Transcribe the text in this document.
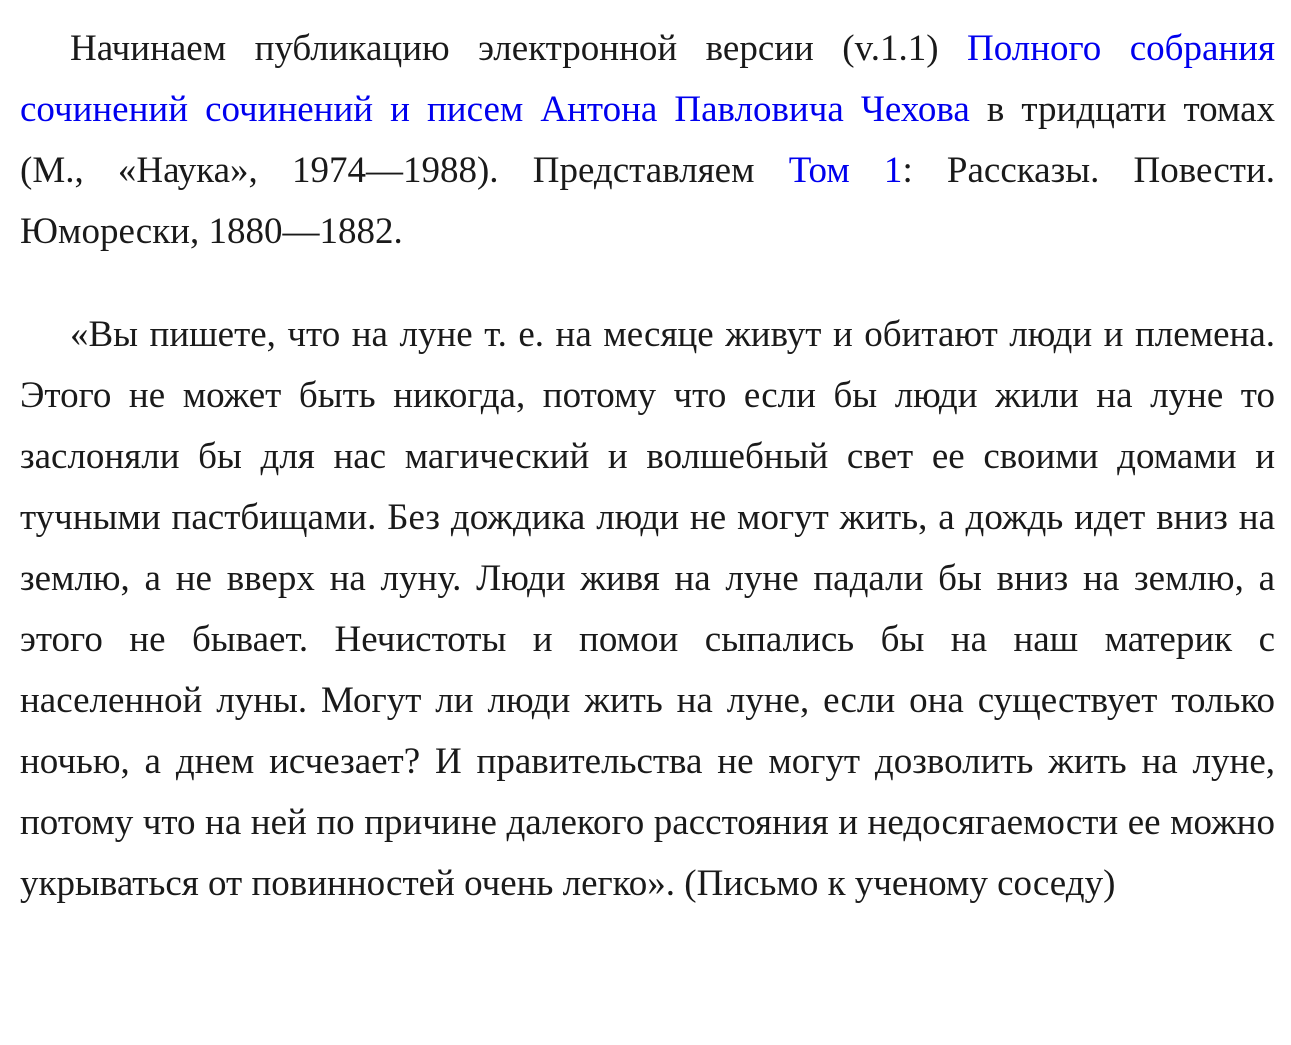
Начинаем публикацию электронной версии (v.1.1) Полного собрания сочинений сочинений и писем Антона Павловича Чехова в тридцати томах (М., «Наука», 1974—1988). Представляем Том 1: Рассказы. Повести. Юморески, 1880—1882.

«Вы пишете, что на луне т. е. на месяце живут и обитают люди и племена. Этого не может быть никогда, потому что если бы люди жили на луне то заслоняли бы для нас магический и волшебный свет ее своими домами и тучными пастбищами. Без дождика люди не могут жить, а дождь идет вниз на землю, а не вверх на луну. Люди живя на луне падали бы вниз на землю, а этого не бывает. Нечистоты и помои сыпались бы на наш материк с населенной луны. Могут ли люди жить на луне, если она существует только ночью, а днем исчезает? И правительства не могут дозволить жить на луне, потому что на ней по причине далекого расстояния и недосягаемости ее можно укрываться от повинностей очень легко». (Письмо к ученому соседу)
